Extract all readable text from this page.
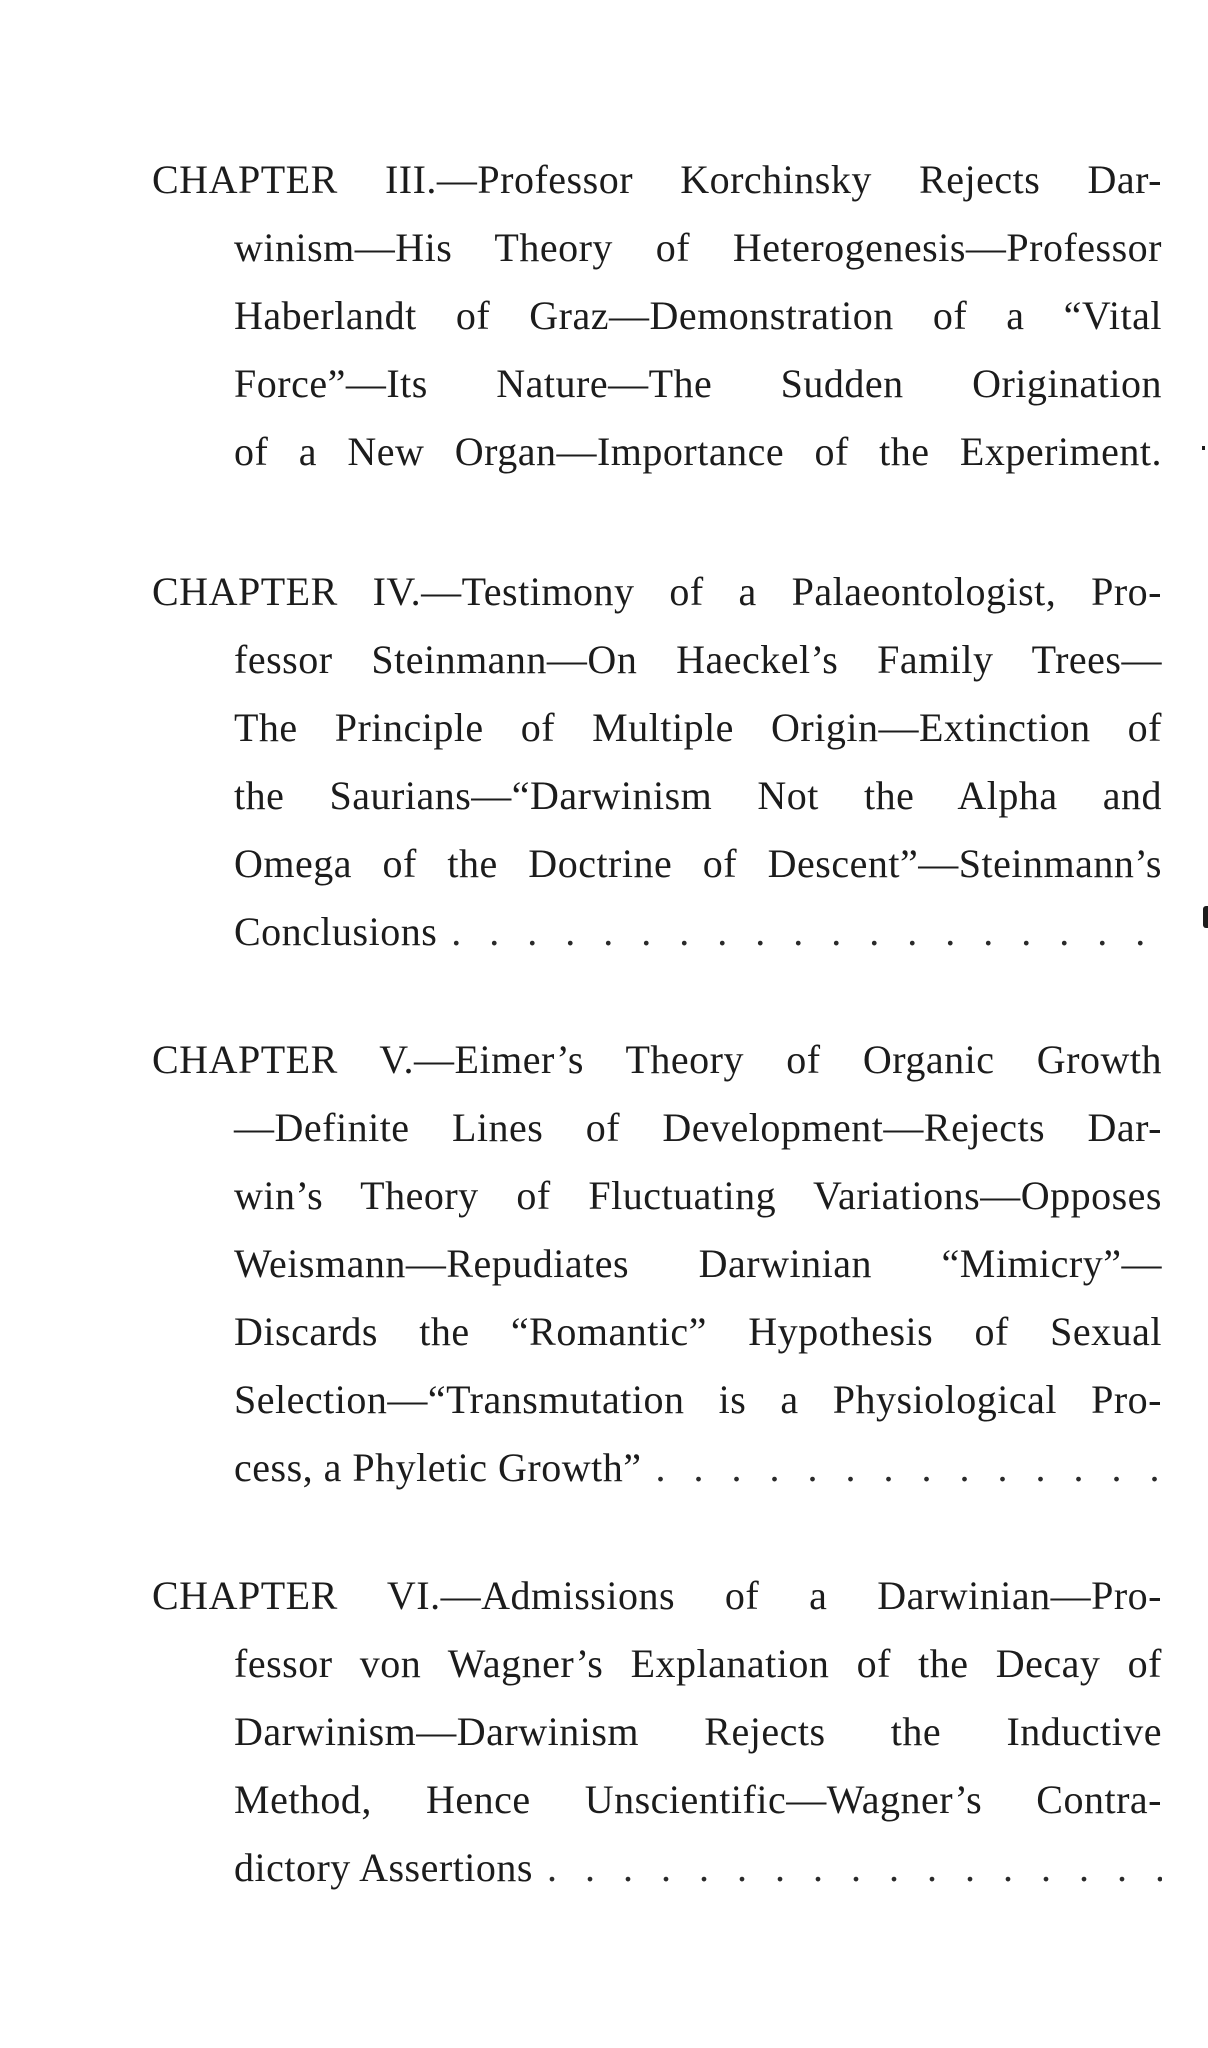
CHAPTER III.—Professor Korchinsky Rejects Dar-
winism—His Theory of Heterogenesis—Professor
Haberlandt of Graz—Demonstration of a “Vital
Force”—Its Nature—The Sudden Origination
of a New Organ—Importance of the Experiment.
CHAPTER IV.—Testimony of a Palaeontologist, Pro-
fessor Steinmann—On Haeckel’s Family Trees—
The Principle of Multiple Origin—Extinction of
the Saurians—“Darwinism Not the Alpha and
Omega of the Doctrine of Descent”—Steinmann’s
Conclusions
. . .
CHAPTER V.—Eimer’s Theory of Organic Growth
—Definite Lines of Development—Rejects Dar-
win’s Theory of Fluctuating Variations—Opposes
Weismann—Repudiates Darwinian “Mimicry”—
Discards the “Romantic” Hypothesis of Sexual
Selection—“Transmutation is a Physiological Pro-
cess, a Phyletic Growth”
. . .
CHAPTER VI.—Admissions of a Darwinian—Pro-
fessor von Wagner’s Explanation of the Decay of
Darwinism—Darwinism Rejects the Inductive
Method, Hence Unscientific—Wagner’s Contra-
dictory Assertions
. . .
